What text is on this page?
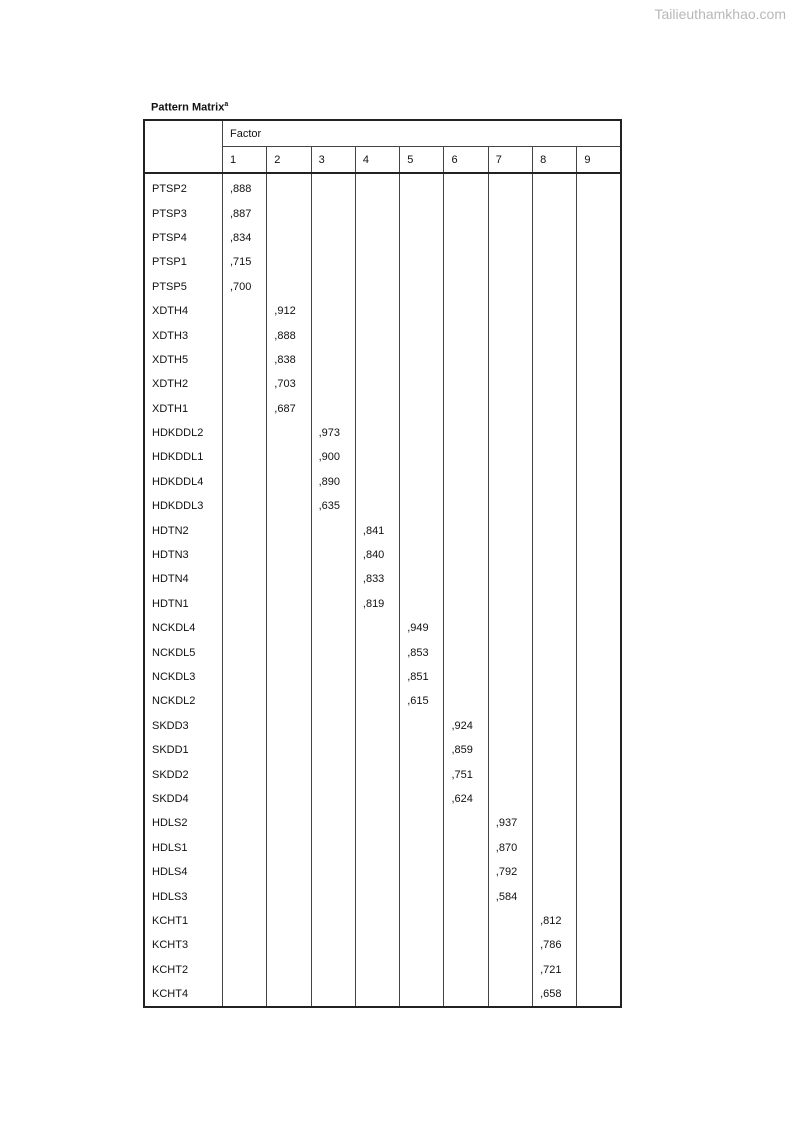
Tailieuthamkhao.com
Pattern Matrix$^a$
	Factor								
	1	2	3	4	5	6	7	8	9
PTSP2	,888								
PTSP3	,887								
PTSP4	,834								
PTSP1	,715								
PTSP5	,700								
XDTH4		,912							
XDTH3		,888							
XDTH5		,838							
XDTH2		,703							
XDTH1		,687							
HDKDDL2			,973						
HDKDDL1			,900						
HDKDDL4			,890						
HDKDDL3			,635						
HDTN2				,841					
HDTN3				,840					
HDTN4				,833					
HDTN1				,819					
NCKDL4					,949				
NCKDL5					,853				
NCKDL3					,851				
NCKDL2					,615				
SKDD3						,924			
SKDD1						,859			
SKDD2						,751			
SKDD4						,624			
HDLS2							,937		
HDLS1							,870		
HDLS4							,792		
HDLS3							,584		
KCHT1								,812	
KCHT3								,786	
KCHT2								,721	
KCHT4								,658	
